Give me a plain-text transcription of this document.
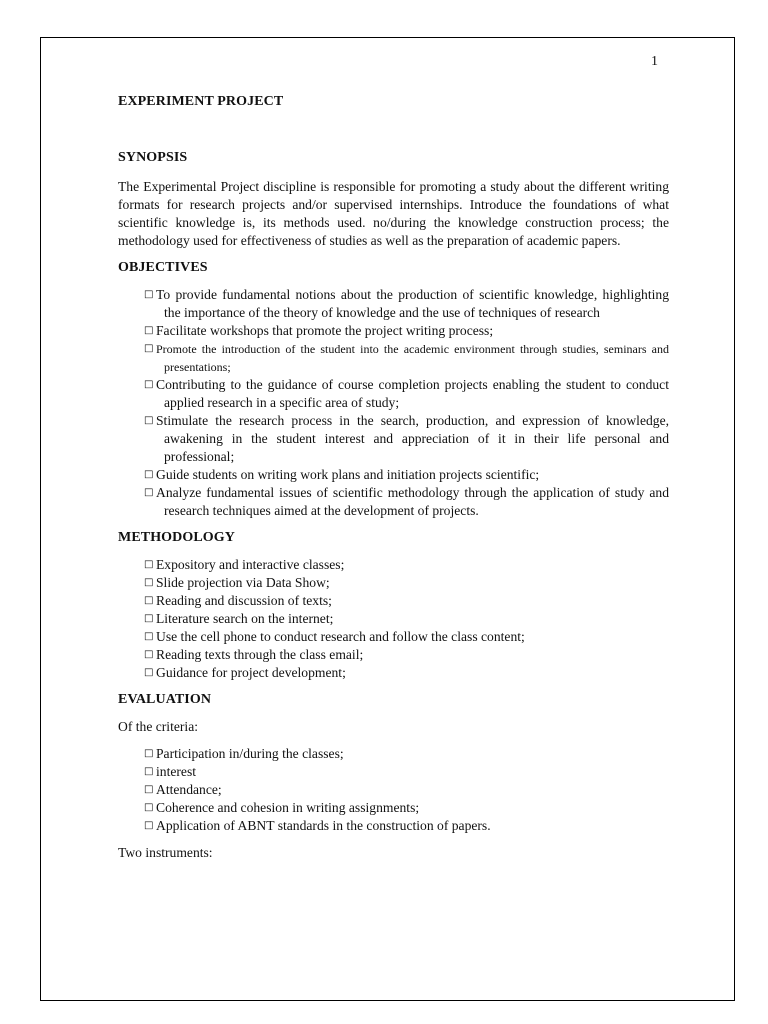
1
EXPERIMENT PROJECT
SYNOPSIS

The Experimental Project discipline is responsible for promoting a study about the different writing formats for research projects and/or supervised internships. Introduce the foundations of what scientific knowledge is, its methods used. no/during the knowledge construction process; the methodology used for effectiveness of studies as well as the preparation of academic papers.

OBJECTIVES
□ To provide fundamental notions about the production of scientific knowledge, highlighting the importance of the theory of knowledge and the use of techniques of research
□ Facilitate workshops that promote the project writing process;
□ Promote the introduction of the student into the academic environment through studies, seminars and presentations;
□ Contributing to the guidance of course completion projects enabling the student to conduct applied research in a specific area of study;
□ Stimulate the research process in the search, production, and expression of knowledge, awakening in the student interest and appreciation of it in their life personal and professional;
□ Guide students on writing work plans and initiation projects scientific;
□ Analyze fundamental issues of scientific methodology through the application of study and research techniques aimed at the development of projects.
METHODOLOGY
□ Expository and interactive classes;
□ Slide projection via Data Show;
□ Reading and discussion of texts;
□ Literature search on the internet;
□ Use the cell phone to conduct research and follow the class content;
□ Reading texts through the class email;
□ Guidance for project development;
EVALUATION

Of the criteria:

□ Participation in/during the classes;
□ interest
□ Attendance;
□ Coherence and cohesion in writing assignments;
□ Application of ABNT standards in the construction of papers.

Two instruments:
